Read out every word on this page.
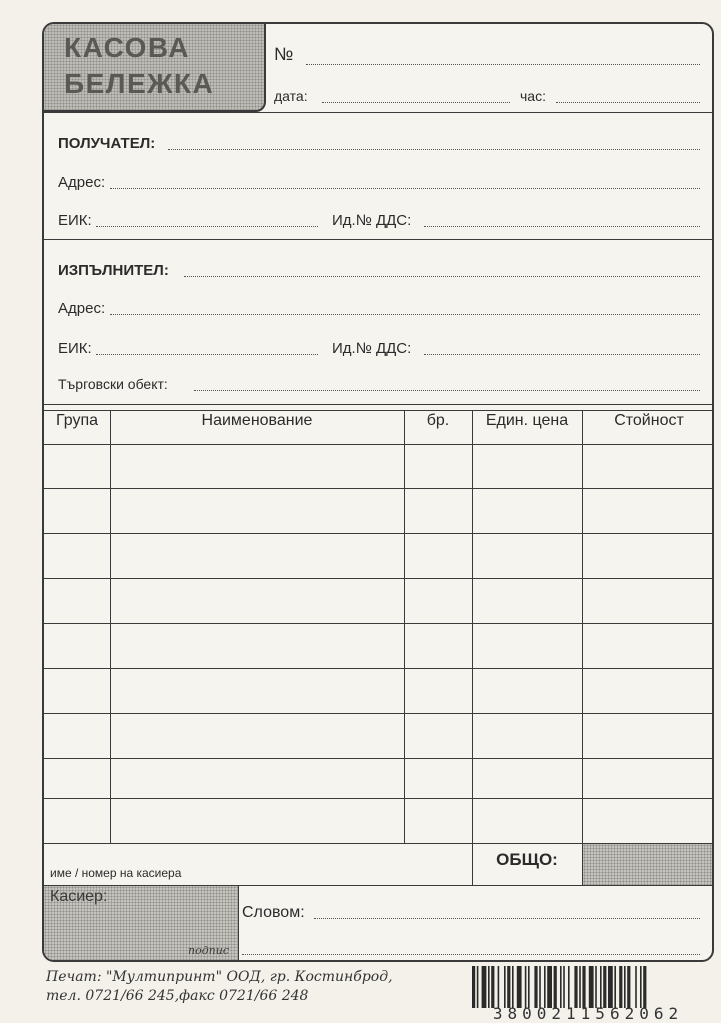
КАСОВА
БЕЛЕЖКА
№
дата:	час:
ПОЛУЧАТЕЛ:
Адрес:
ЕИК:	Ид.№ ДДС:
ИЗПЪЛНИТЕЛ:
Адрес:
ЕИК:	Ид.№ ДДС:
Търговски обект:
Група	Наименование	бр.	Един. цена	Стойност
име / номер на касиера
ОБЩО:
Касиер:
подпис
Словом:
Печат: "Мултипринт" ООД, гр. Костинброд,
тел. 0721/66 245,факс 0721/66 248
3800211562062
